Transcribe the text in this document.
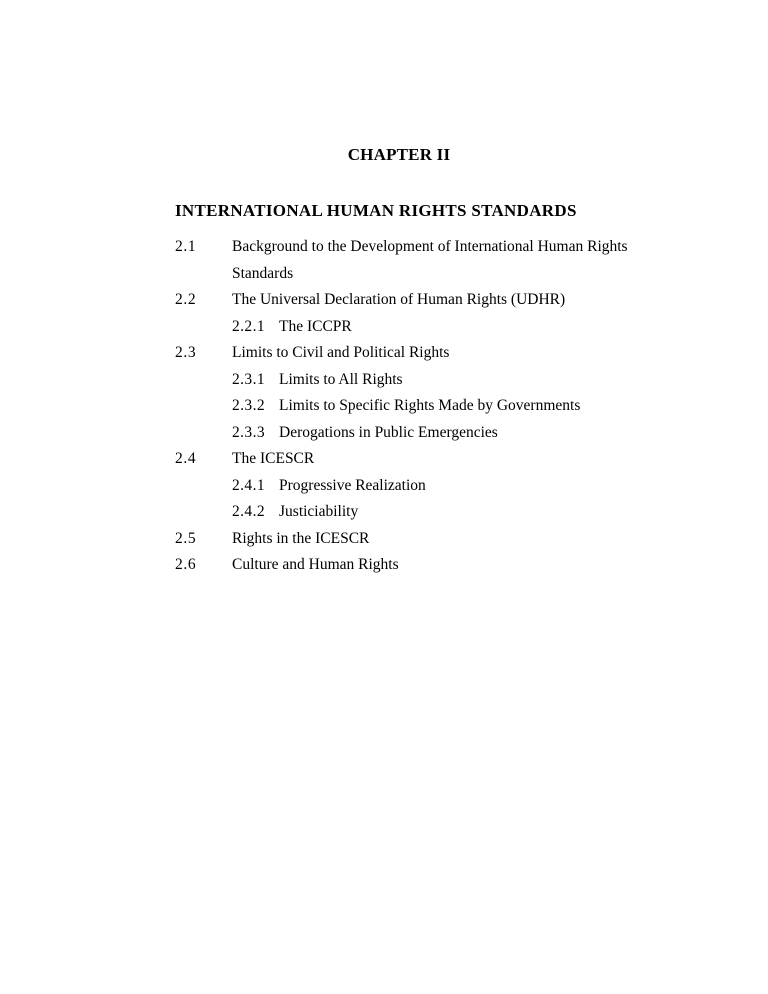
CHAPTER II
INTERNATIONAL HUMAN RIGHTS STANDARDS
2.1 Background to the Development of International Human Rights Standards
2.2 The Universal Declaration of Human Rights (UDHR)
2.2.1 The ICCPR
2.3 Limits to Civil and Political Rights
2.3.1 Limits to All Rights
2.3.2 Limits to Specific Rights Made by Governments
2.3.3 Derogations in Public Emergencies
2.4 The ICESCR
2.4.1 Progressive Realization
2.4.2 Justiciability
2.5 Rights in the ICESCR
2.6 Culture and Human Rights
